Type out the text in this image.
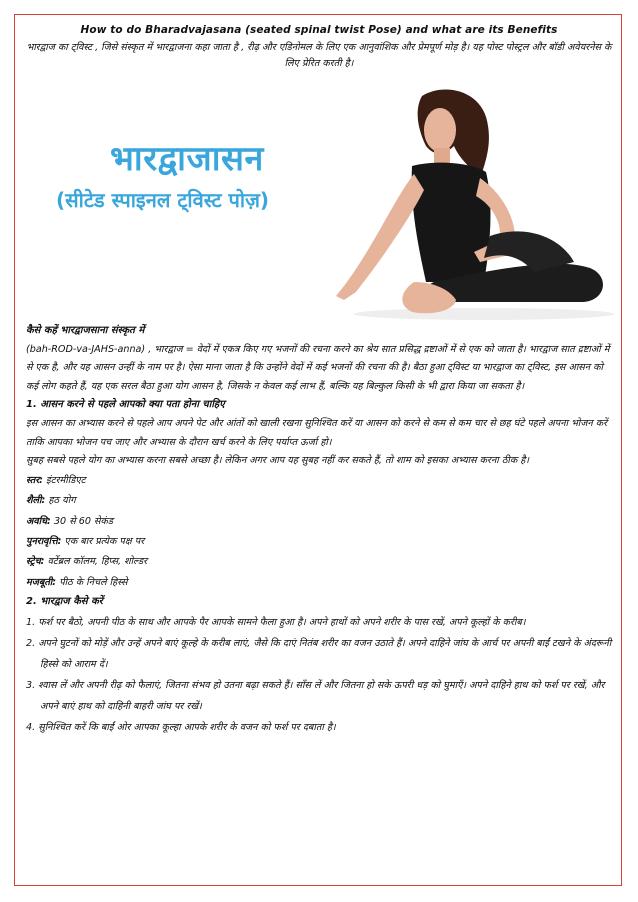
How to do Bharadvajasana (seated spinal twist Pose) and what are its Benefits

भारद्वाज का ट्विस्ट , जिसे संस्कृत में भारद्वाजना कहा जाता है , रीढ़ और एडिनोमल के लिए एक आनुवांशिक और प्रेमपूर्ण मोड़ है। यह पोस्ट पोस्ट्रल और बॉडी अवेयरनेस के लिए प्रेरित करती है।

भारद्वाजासन
(सीटेड स्पाइनल ट्विस्ट पोज़)

कैसे कहें भारद्वाजसाना संस्कृत में

(bah-ROD-va-JAHS-anna) , भारद्वाज = वेदों में एकत्र किए गए भजनों की रचना करने का श्रेय सात प्रसिद्ध द्रष्टाओं में से एक को जाता है। भारद्वाज सात द्रष्टाओं में से एक है, और यह आसन उन्हीं के नाम पर है। ऐसा माना जाता है कि उन्होंने वेदों में कई भजनों की रचना की है। बैठा हुआ ट्विस्ट या भारद्वाज का ट्विस्ट, इस आसन को कई लोग कहते हैं, यह एक सरल बैठा हुआ योग आसन है, जिसके न केवल कई लाभ हैं, बल्कि यह बिल्कुल किसी के भी द्वारा किया जा सकता है।

1. आसन करने से पहले आपको क्या पता होना चाहिए

इस आसन का अभ्यास करने से पहले आप अपने पेट और आंतों को खाली रखना सुनिश्चित करें या आसन को करने से कम से कम चार से छह घंटे पहले अपना भोजन करें ताकि आपका भोजन पच जाए और अभ्यास के दौरान खर्च करने के लिए पर्याप्त ऊर्जा हो।

सुबह सबसे पहले योग का अभ्यास करना सबसे अच्छा है। लेकिन अगर आप यह सुबह नहीं कर सकते हैं, तो शाम को इसका अभ्यास करना ठीक है।

स्तर: इंटरमीडिएट

शैली: हठ योग

अवधि: 30 से 60 सेकंड

पुनरावृत्ति: एक बार प्रत्येक पक्ष पर

स्ट्रेच: वर्टेब्रल कॉलम, हिप्स, शोल्डर

मजबूती: पीठ के निचले हिस्से

2. भारद्वाज कैसे करें

1. फर्श पर बैठो, अपनी पीठ के साथ और आपके पैर आपके सामने फैला हुआ है। अपने हाथों को अपने शरीर के पास रखें, अपने कूल्हों के करीब।
2. अपने घुटनों को मोड़ें और उन्हें अपने बाएं कूल्हे के करीब लाएं, जैसे कि दाएं नितंब शरीर का वजन उठाते हैं। अपने दाहिने जांघ के आर्च पर अपनी बाईं टखने के अंदरूनी हिस्से को आराम दें।
3. श्वास लें और अपनी रीढ़ को फैलाएं, जितना संभव हो उतना बढ़ा सकते हैं। साँस लें और जितना हो सके ऊपरी धड़ को घुमाएँ। अपने दाहिने हाथ को फर्श पर रखें, और अपने बाएं हाथ को दाहिनी बाहरी जांघ पर रखें।
4. सुनिश्चित करें कि बाईं ओर आपका कूल्हा आपके शरीर के वजन को फर्श पर दबाता है।
